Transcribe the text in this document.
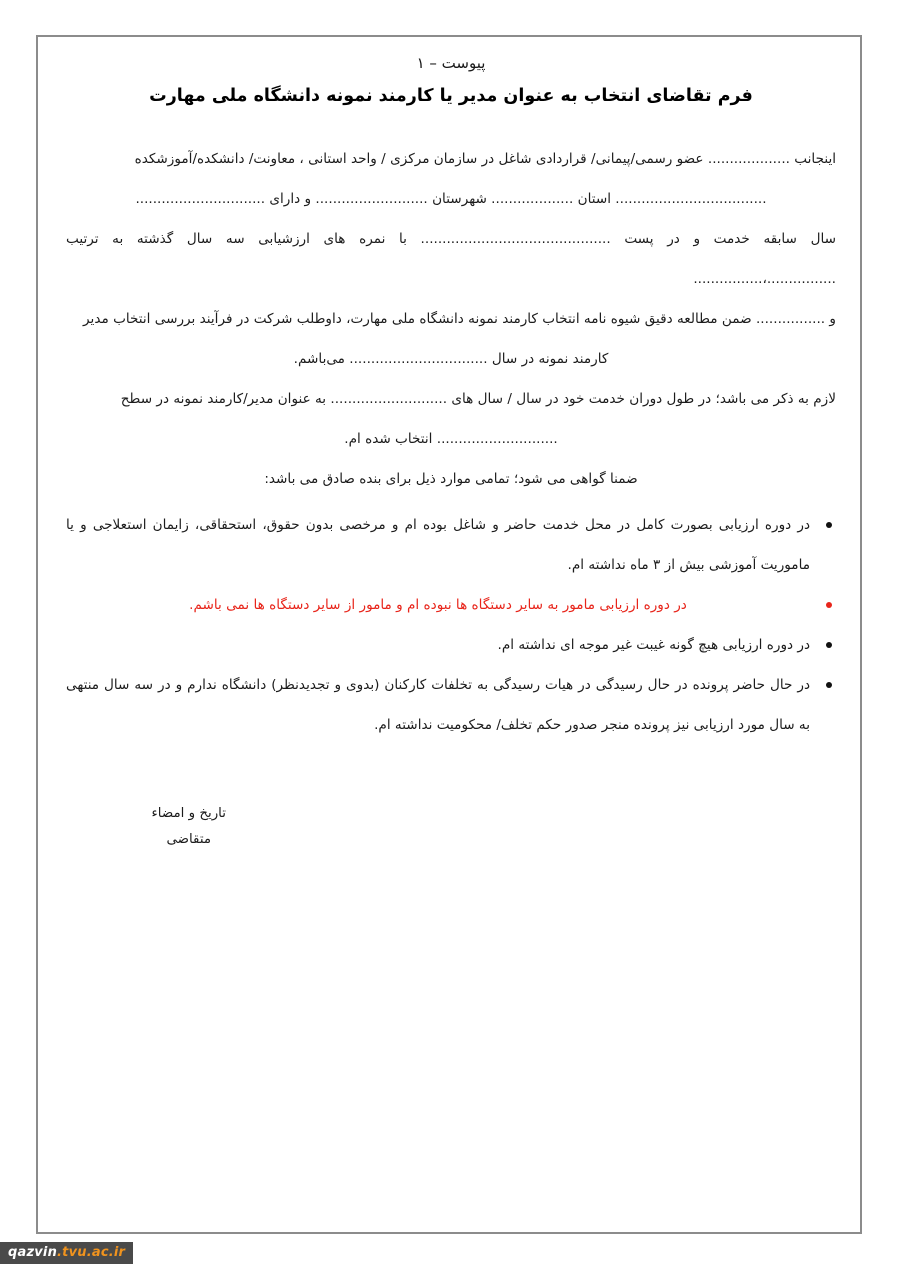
پیوست – ۱
فرم تقاضای انتخاب به عنوان مدیر یا کارمند نمونه دانشگاه ملی مهارت
اینجانب ................... عضو رسمی/پیمانی/ قراردادی شاغل در سازمان مرکزی / واحد استانی ، معاونت/ دانشکده/آموزشکده
................................... استان ................... شهرستان .......................... و دارای ..............................
سال سابقه خدمت و در پست ............................................ با نمره های ارزشیابی سه سال گذشته به ترتیب ................،................
و ................ ضمن مطالعه دقیق شیوه نامه انتخاب کارمند نمونه دانشگاه ملی مهارت، داوطلب شرکت در فرآیند بررسی انتخاب مدیر
کارمند نمونه در سال ................................ می‌باشم.
لازم به ذکر می باشد؛ در طول دوران خدمت خود در سال / سال های ........................... به عنوان مدیر/کارمند نمونه در سطح
............................ انتخاب شده ام.
ضمنا گواهی می شود؛ تمامی موارد ذیل برای بنده صادق می باشد:
در دوره ارزیابی بصورت کامل در محل خدمت حاضر و شاغل بوده ام و مرخصی بدون حقوق، استحقاقی، زایمان استعلاجی و یا ماموریت آموزشی بیش از ۳ ماه نداشته ام.
در دوره ارزیابی مامور به سایر دستگاه ها نبوده ام و مامور از سایر دستگاه ها نمی باشم.
در دوره ارزیابی هیچ گونه غیبت غیر موجه ای نداشته ام.
در حال حاضر پرونده در حال رسیدگی در هیات رسیدگی به تخلفات کارکنان (بدوی و تجدیدنظر) دانشگاه ندارم و در سه سال منتهی به سال مورد ارزیابی نیز پرونده منجر صدور حکم تخلف/ محکومیت نداشته ام.
تاریخ و امضاء
متقاضی
qazvin.tvu.ac.ir
